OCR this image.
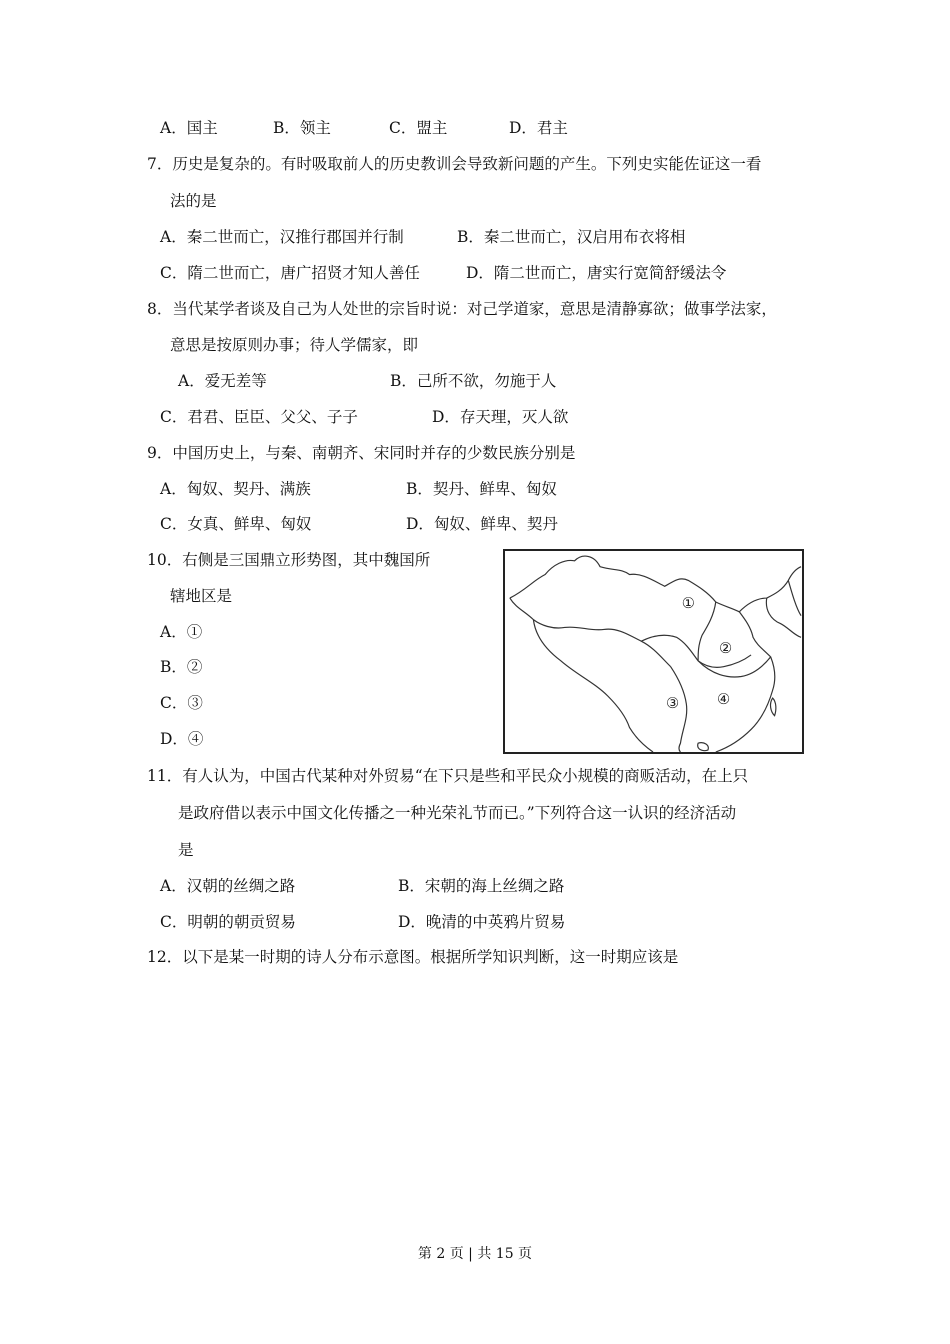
A．国主	B．领主	C．盟主	D．君主
7．历史是复杂的。有时吸取前人的历史教训会导致新问题的产生。下列史实能佐证这一看
法的是
A．秦二世而亡，汉推行郡国并行制	B．秦二世而亡，汉启用布衣将相
C．隋二世而亡，唐广招贤才知人善任	D．隋二世而亡，唐实行宽简舒缓法令
8．当代某学者谈及自己为人处世的宗旨时说：对己学道家，意思是清静寡欲；做事学法家，
意思是按原则办事；待人学儒家，即
A．爱无差等	B．己所不欲，勿施于人
C．君君、臣臣、父父、子子	D．存天理，灭人欲
9．中国历史上，与秦、南朝齐、宋同时并存的少数民族分别是
A．匈奴、契丹、满族	B．契丹、鲜卑、匈奴
C．女真、鲜卑、匈奴	D．匈奴、鲜卑、契丹
10．右侧是三国鼎立形势图，其中魏国所
辖地区是
A．①
B．②
C．③
D．④
①
②
③	④
11．有人认为，中国古代某种对外贸易“在下只是些和平民众小规模的商贩活动，在上只
是政府借以表示中国文化传播之一种光荣礼节而已。”下列符合这一认识的经济活动
是
A．汉朝的丝绸之路	B．宋朝的海上丝绸之路
C．明朝的朝贡贸易	D．晚清的中英鸦片贸易
12．以下是某一时期的诗人分布示意图。根据所学知识判断，这一时期应该是
第 2 页 | 共 15 页
